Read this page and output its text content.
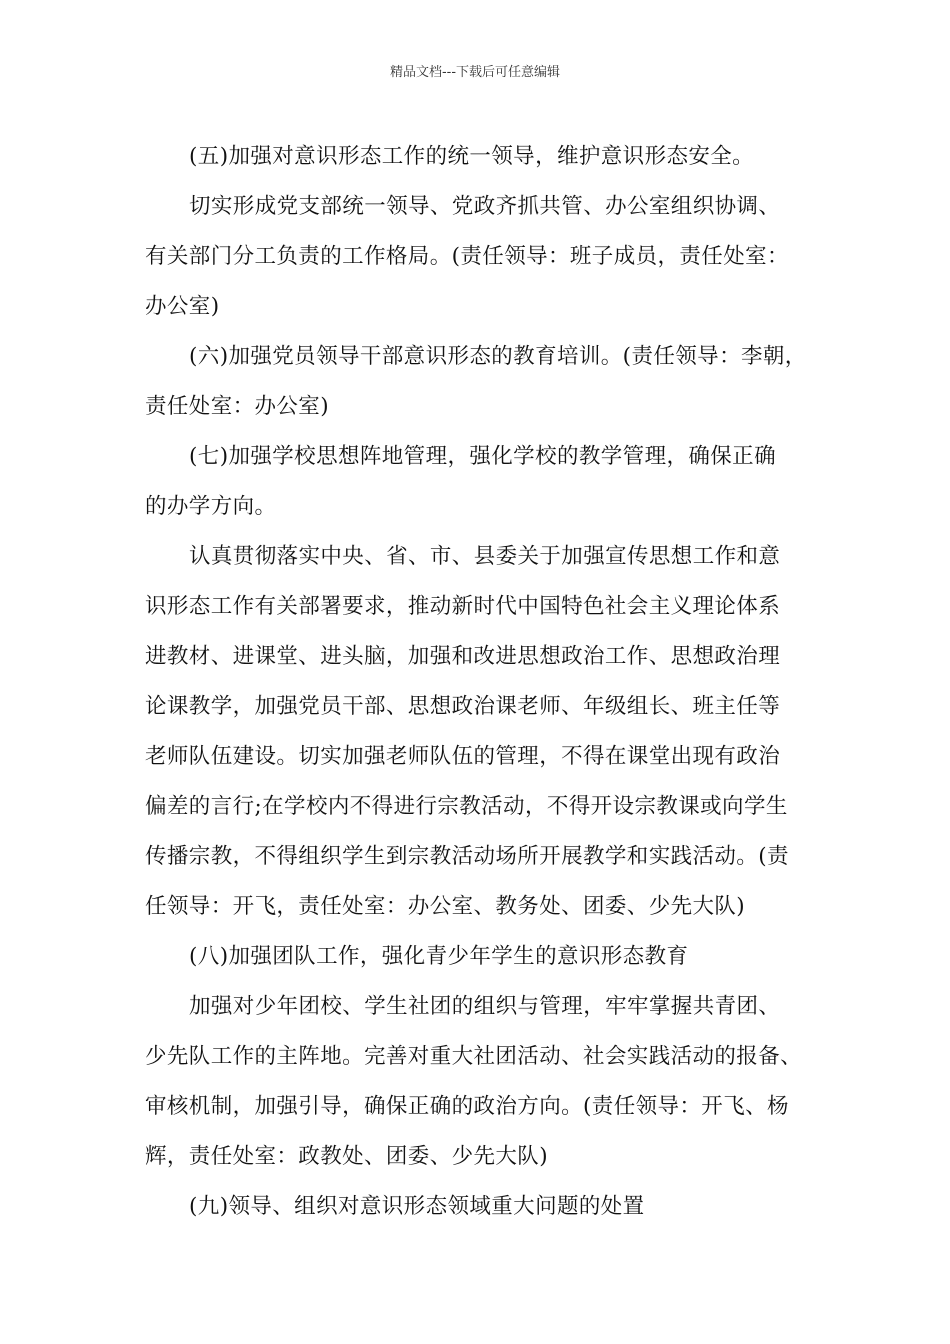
精品文档---下载后可任意编辑

(五)加强对意识形态工作的统一领导，维护意识形态安全。

切实形成党支部统一领导、党政齐抓共管、办公室组织协调、

有关部门分工负责的工作格局。(责任领导：班子成员，责任处室：

办公室)

(六)加强党员领导干部意识形态的教育培训。(责任领导：李朝，

责任处室：办公室)

(七)加强学校思想阵地管理，强化学校的教学管理，确保正确

的办学方向。

认真贯彻落实中央、省、市、县委关于加强宣传思想工作和意

识形态工作有关部署要求，推动新时代中国特色社会主义理论体系

进教材、进课堂、进头脑，加强和改进思想政治工作、思想政治理

论课教学，加强党员干部、思想政治课老师、年级组长、班主任等

老师队伍建设。切实加强老师队伍的管理，不得在课堂出现有政治

偏差的言行;在学校内不得进行宗教活动，不得开设宗教课或向学生

传播宗教，不得组织学生到宗教活动场所开展教学和实践活动。(责

任领导：开飞，责任处室：办公室、教务处、团委、少先大队)

(八)加强团队工作，强化青少年学生的意识形态教育

加强对少年团校、学生社团的组织与管理，牢牢掌握共青团、

少先队工作的主阵地。完善对重大社团活动、社会实践活动的报备、

审核机制，加强引导，确保正确的政治方向。(责任领导：开飞、杨

辉，责任处室：政教处、团委、少先大队)

(九)领导、组织对意识形态领域重大问题的处置
